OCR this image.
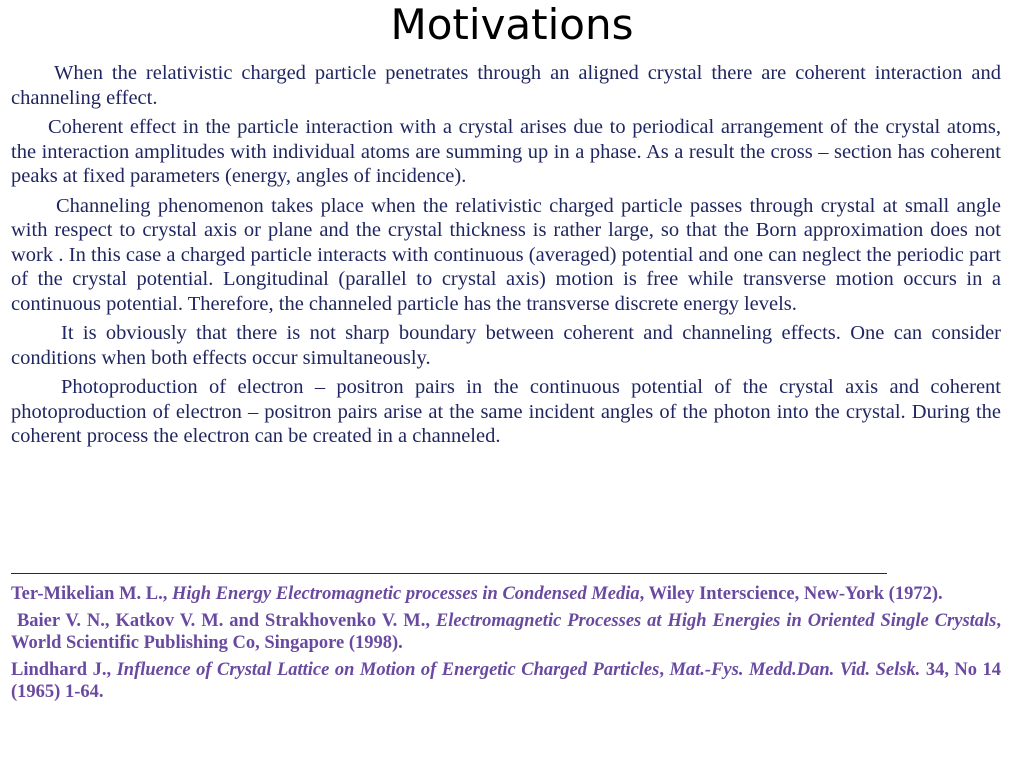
Motivations

When the relativistic charged particle penetrates through an aligned crystal there are coherent interaction and channeling effect.

Coherent effect in the particle interaction with a crystal arises due to periodical arrangement of the crystal atoms, the interaction amplitudes with individual atoms are summing up in a phase. As a result the cross – section has coherent peaks at fixed parameters (energy, angles of incidence).

Channeling phenomenon takes place when the relativistic charged particle passes through crystal at small angle with respect to crystal axis or plane and the crystal thickness is rather large, so that the Born approximation does not work . In this case a charged particle interacts with continuous (averaged) potential and one can neglect the periodic part of the crystal potential. Longitudinal (parallel to crystal axis) motion is free while transverse motion occurs in a continuous potential. Therefore, the channeled particle has the transverse discrete energy levels.

It is obviously that there is not sharp boundary between coherent and channeling effects. One can consider conditions when both effects occur simultaneously.

Photoproduction of electron – positron pairs in the continuous potential of the crystal axis and coherent photoproduction of electron – positron pairs arise at the same incident angles of the photon into the crystal. During the coherent process the electron can be created in a channeled.

Ter-Mikelian M. L., High Energy Electromagnetic processes in Condensed Media, Wiley Interscience, New-York (1972).

Baier V. N., Katkov V. M. and Strakhovenko V. M., Electromagnetic Processes at High Energies in Oriented Single Crystals, World Scientific Publishing Co, Singapore (1998).

Lindhard J., Influence of Crystal Lattice on Motion of Energetic Charged Particles, Mat.-Fys. Medd.Dan. Vid. Selsk. 34, No 14 (1965) 1-64.
